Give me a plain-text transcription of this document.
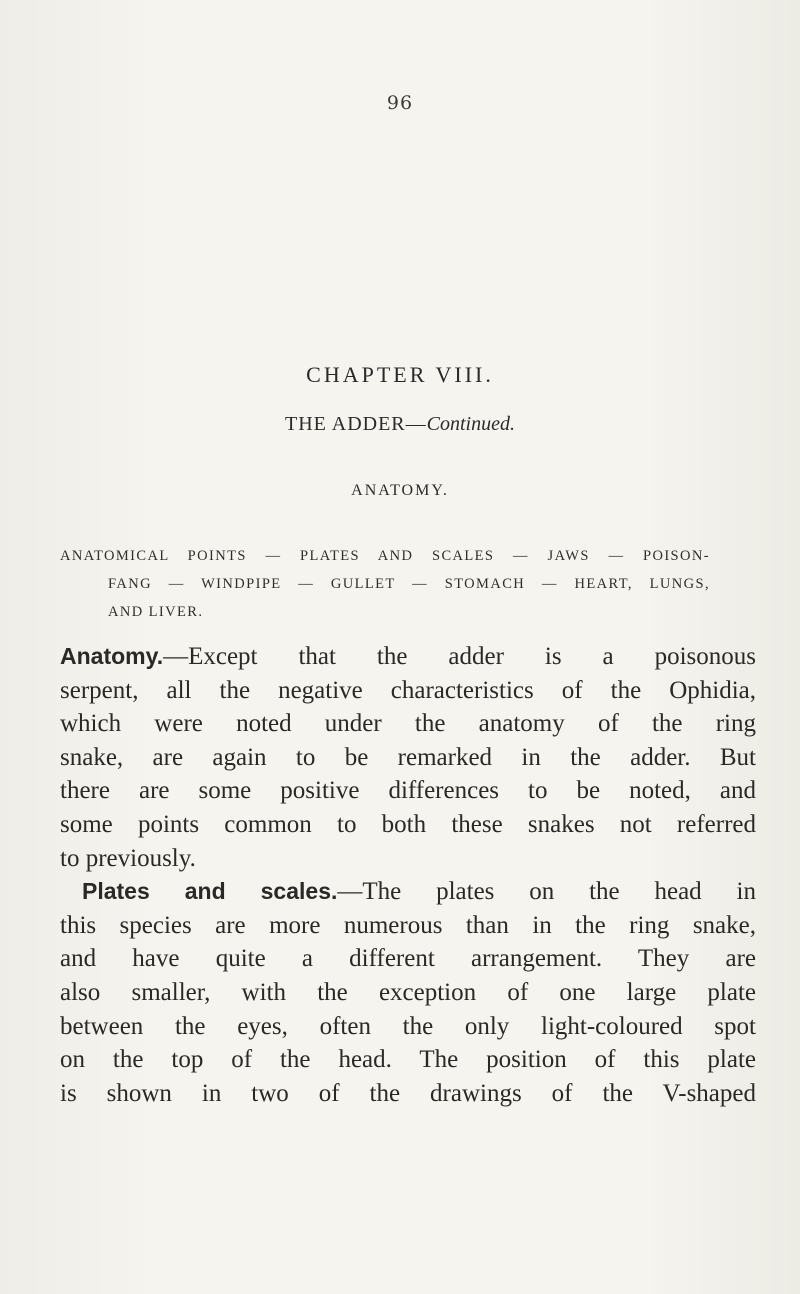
96
CHAPTER VIII.
THE ADDER—Continued.
ANATOMY.
ANATOMICAL POINTS — PLATES AND SCALES — JAWS — POISON-
FANG — WINDPIPE — GULLET — STOMACH — HEART, LUNGS,
AND LIVER.

Anatomy.—Except that the adder is a poisonous
serpent, all the negative characteristics of the Ophidia,
which were noted under the anatomy of the ring
snake, are again to be remarked in the adder. But
there are some positive differences to be noted, and
some points common to both these snakes not referred
to previously.

Plates and scales.—The plates on the head in
this species are more numerous than in the ring snake,
and have quite a different arrangement. They are
also smaller, with the exception of one large plate
between the eyes, often the only light-coloured spot
on the top of the head. The position of this plate
is shown in two of the drawings of the V-shaped
